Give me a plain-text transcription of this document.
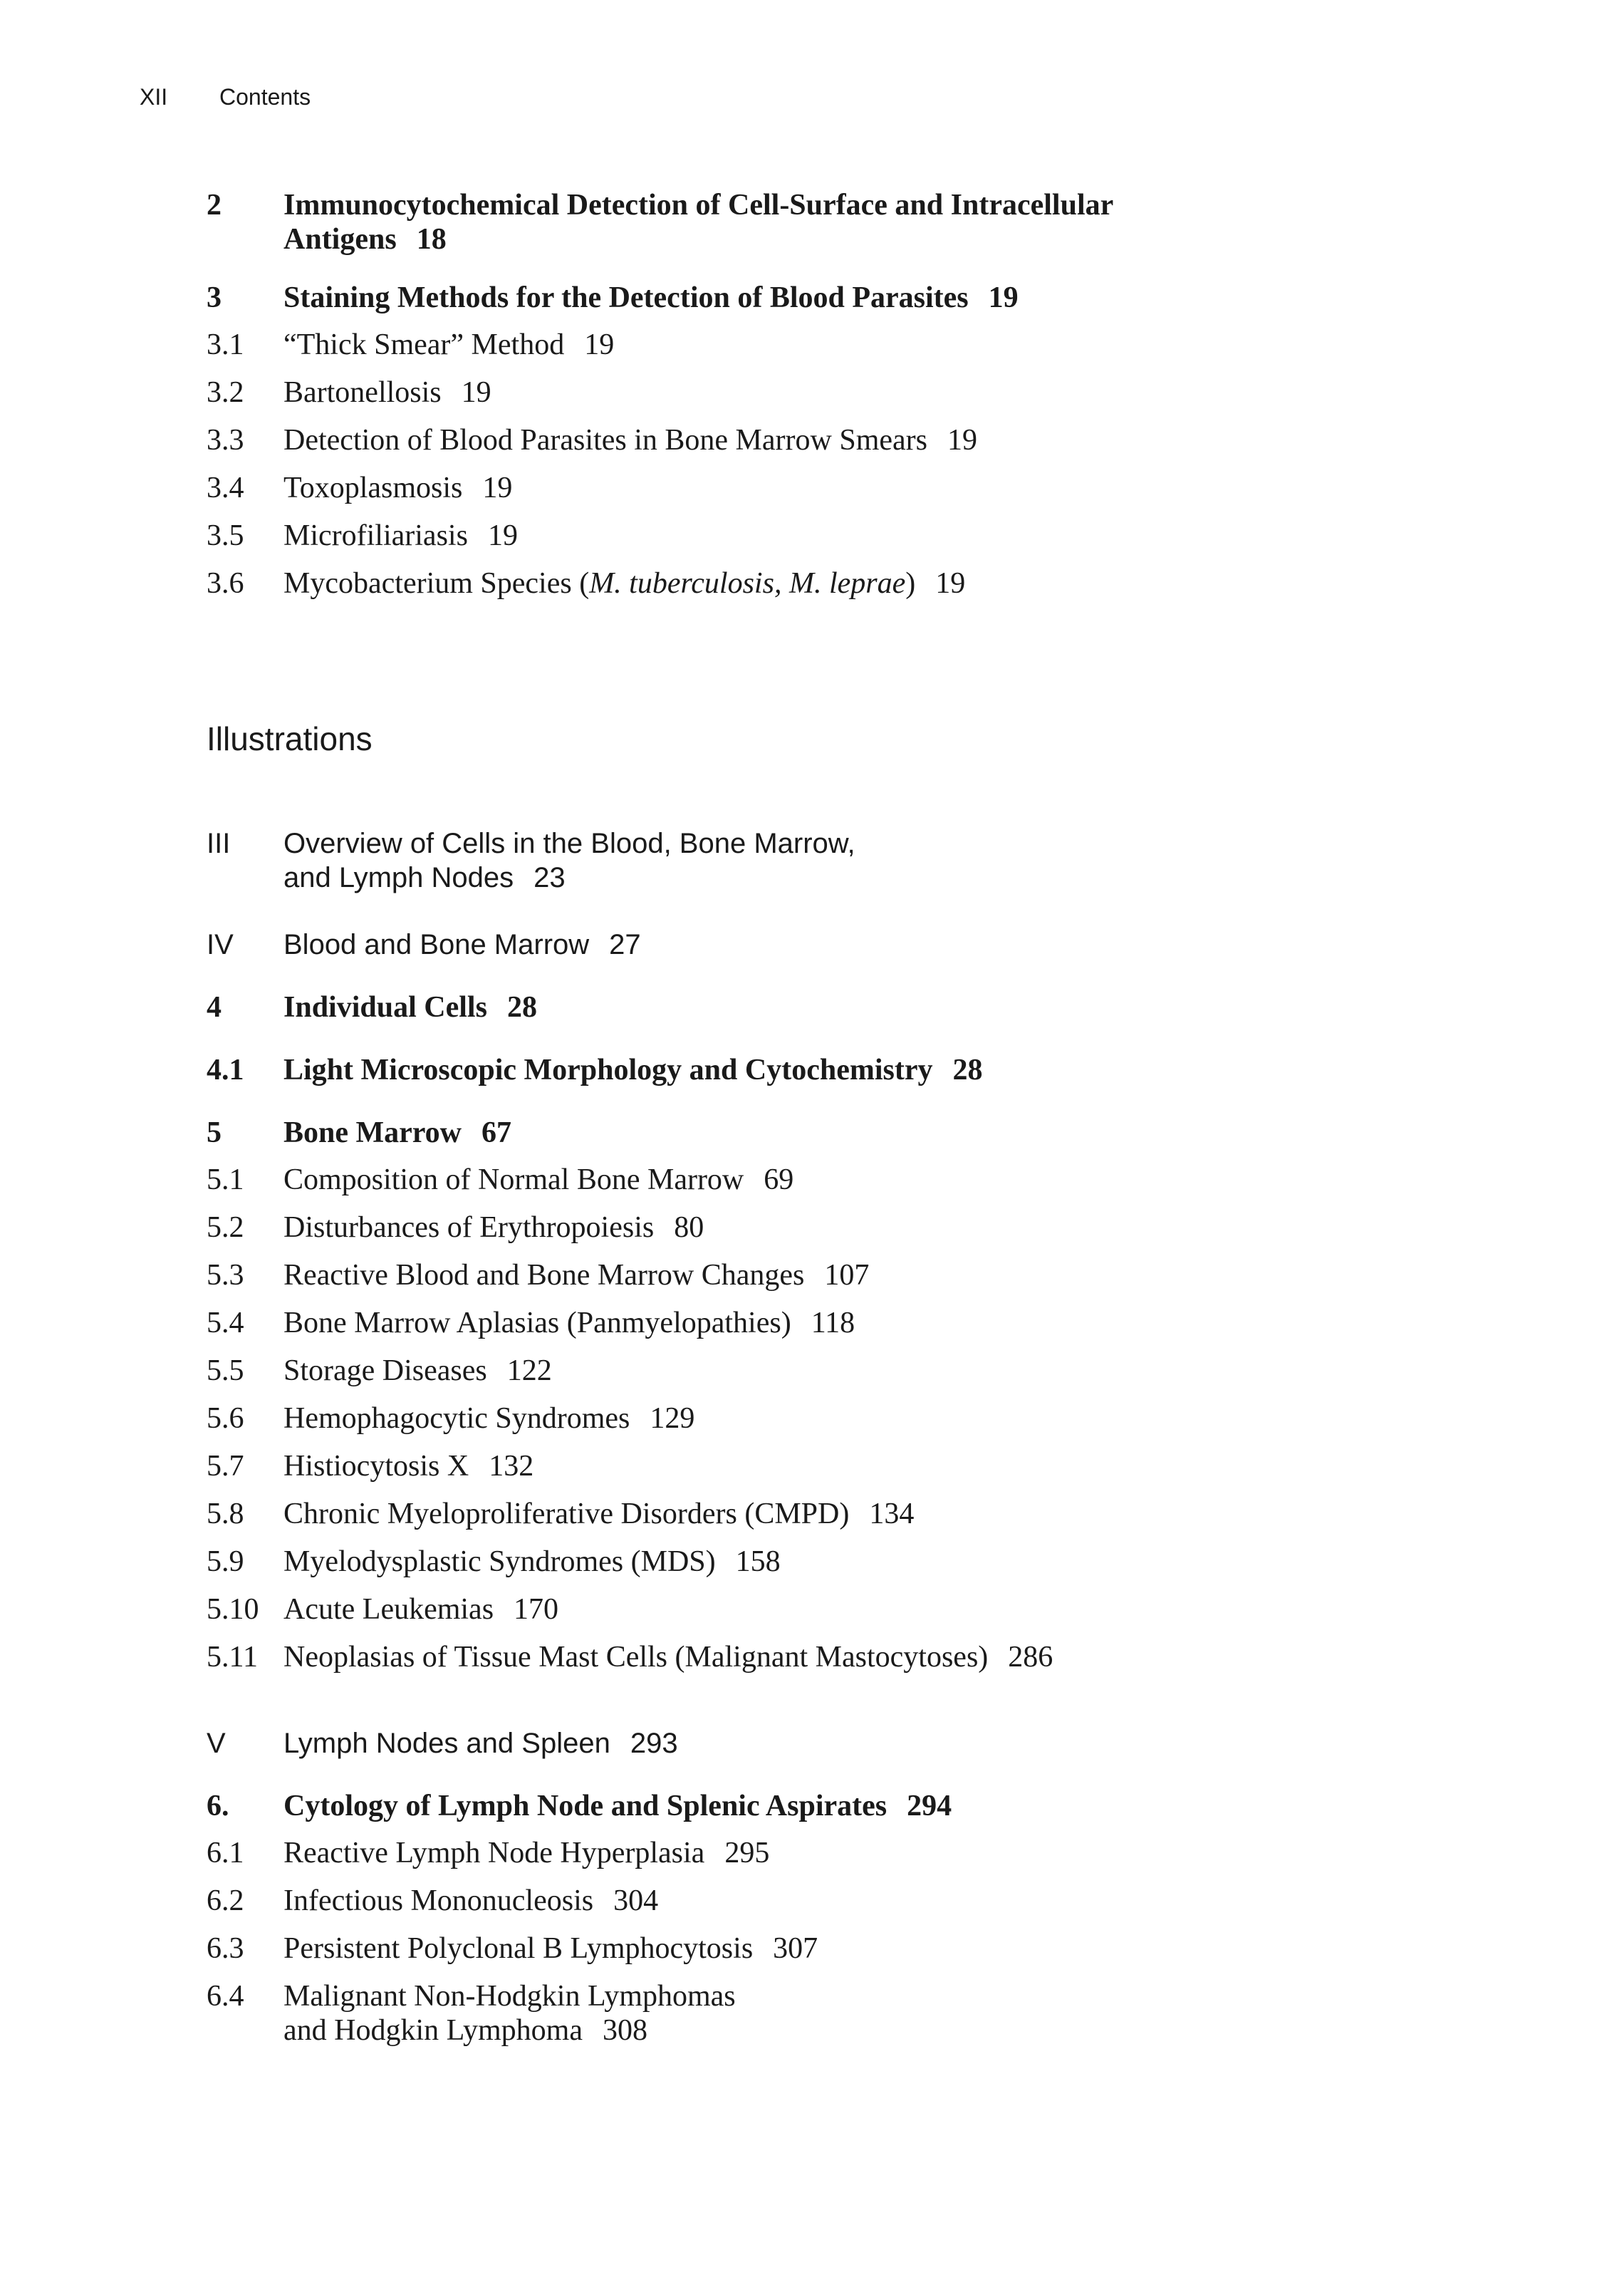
XII Contents
2	Immunocytochemical Detection of Cell-Surface and Intracellular
Antigens 18
3	Staining Methods for the Detection of Blood Parasites 19
3.1	“Thick Smear” Method 19
3.2	Bartonellosis 19
3.3	Detection of Blood Parasites in Bone Marrow Smears 19
3.4	Toxoplasmosis 19
3.5	Microfiliariasis 19
3.6	Mycobacterium Species (M. tuberculosis, M. leprae) 19
Illustrations
III	Overview of Cells in the Blood, Bone Marrow,
and Lymph Nodes 23
IV	Blood and Bone Marrow 27
4	Individual Cells 28
4.1	Light Microscopic Morphology and Cytochemistry 28
5	Bone Marrow 67
5.1	Composition of Normal Bone Marrow 69
5.2	Disturbances of Erythropoiesis 80
5.3	Reactive Blood and Bone Marrow Changes 107
5.4	Bone Marrow Aplasias (Panmyelopathies) 118
5.5	Storage Diseases 122
5.6	Hemophagocytic Syndromes 129
5.7	Histiocytosis X 132
5.8	Chronic Myeloproliferative Disorders (CMPD) 134
5.9	Myelodysplastic Syndromes (MDS) 158
5.10 Acute Leukemias 170
5.11 Neoplasias of Tissue Mast Cells (Malignant Mastocytoses) 286
V	Lymph Nodes and Spleen 293
6.	Cytology of Lymph Node and Splenic Aspirates 294
6.1	Reactive Lymph Node Hyperplasia 295
6.2	Infectious Mononucleosis 304
6.3	Persistent Polyclonal B Lymphocytosis 307
6.4	Malignant Non-Hodgkin Lymphomas
and Hodgkin Lymphoma 308
